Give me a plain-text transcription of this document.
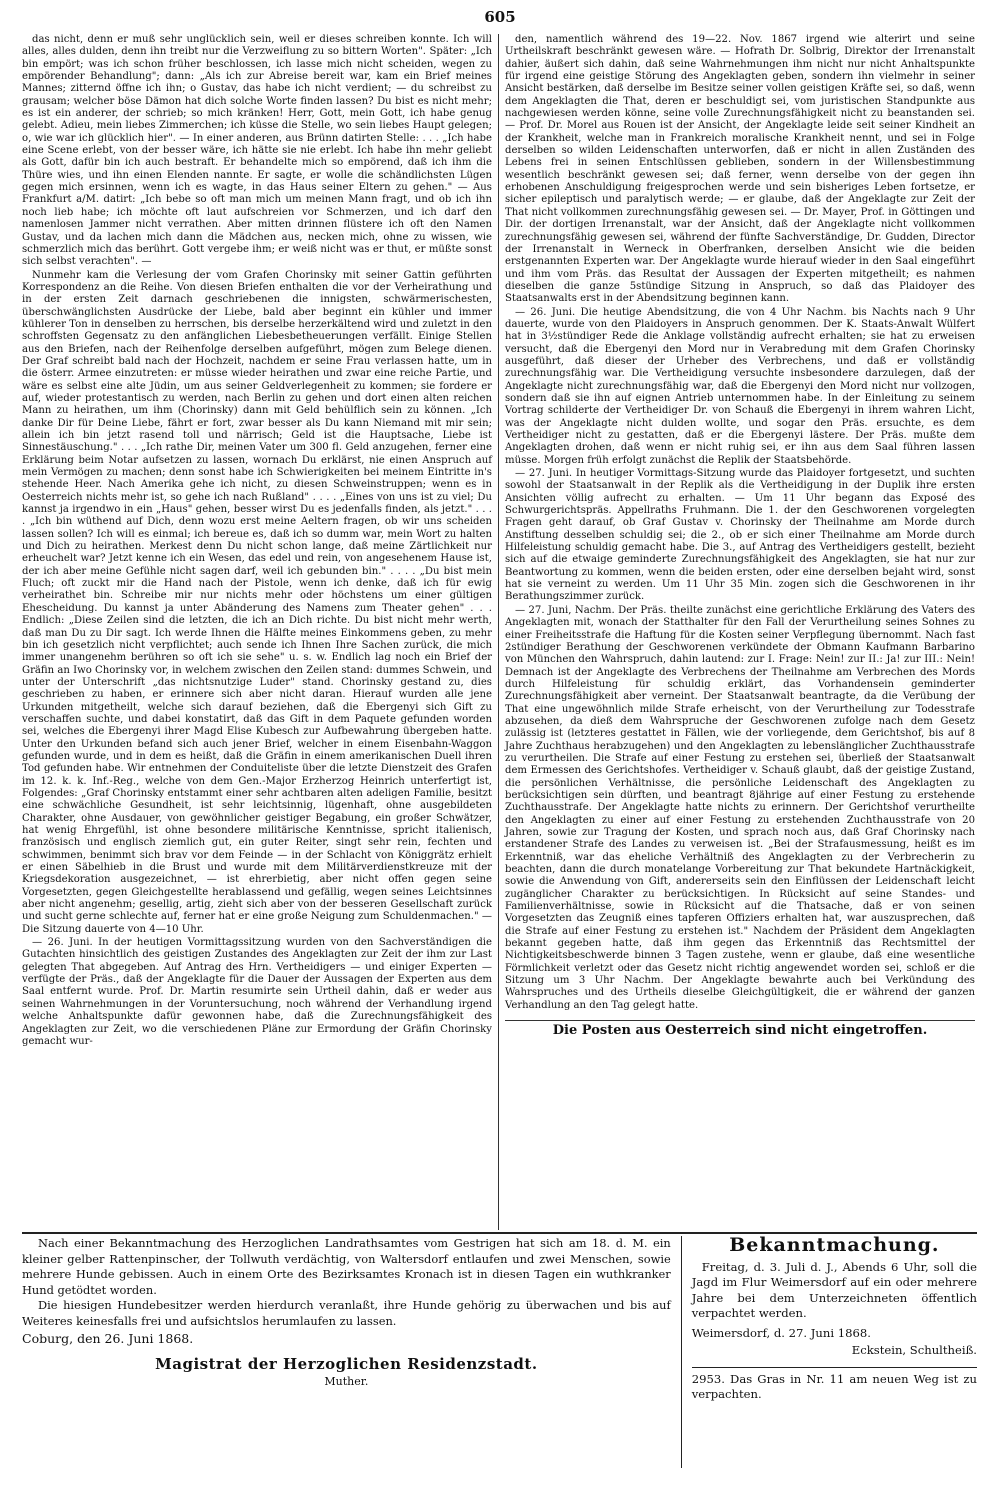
605

das nicht, denn er muß sehr unglücklich sein, weil er dieses schreiben konnte. Ich will alles, alles dulden, denn ihn treibt nur die Verzweiflung zu so bittern Worten". Später: „Ich bin empört; was ich schon früher beschlossen, ich lasse mich nicht scheiden, wegen zu empörender Behandlung"; dann: „Als ich zur Abreise bereit war, kam ein Brief meines Mannes; zitternd öffne ich ihn; o Gustav, das habe ich nicht verdient; — du schreibst zu grausam; welcher böse Dämon hat dich solche Worte finden lassen? Du bist es nicht mehr; es ist ein anderer, der schrieb; so mich kränken! Herr, Gott, mein Gott, ich habe genug gelebt. Adieu, mein liebes Zimmerchen; ich küsse die Stelle, wo sein liebes Haupt gelegen; o, wie war ich glücklich hier". — In einer anderen, aus Brünn datirten Stelle: . . . „Ich habe eine Scene erlebt, von der besser wäre, ich hätte sie nie erlebt. Ich habe ihn mehr geliebt als Gott, dafür bin ich auch bestraft. Er behandelte mich so empörend, daß ich ihm die Thüre wies, und ihn einen Elenden nannte. Er sagte, er wolle die schändlichsten Lügen gegen mich ersinnen, wenn ich es wagte, in das Haus seiner Eltern zu gehen." — Aus Frankfurt a/M. datirt: „Ich bebe so oft man mich um meinen Mann fragt, und ob ich ihn noch lieb habe; ich möchte oft laut aufschreien vor Schmerzen, und ich darf den namenlosen Jammer nicht verrathen. Aber mitten drinnen flüstere ich oft den Namen Gustav, und da lachen mich dann die Mädchen aus, necken mich, ohne zu wissen, wie schmerzlich mich das berührt. Gott vergebe ihm; er weiß nicht was er thut, er müßte sonst sich selbst verachten". —

Nunmehr kam die Verlesung der vom Grafen Chorinsky mit seiner Gattin geführten Korrespondenz an die Reihe. Von diesen Briefen enthalten die vor der Verheirathung und in der ersten Zeit darnach geschriebenen die innigsten, schwärmerischesten, überschwänglichsten Ausdrücke der Liebe, bald aber beginnt ein kühler und immer kühlerer Ton in denselben zu herrschen, bis derselbe herzerkältend wird und zuletzt in den schroffsten Gegensatz zu den anfänglichen Liebesbetheuerungen verfällt. Einige Stellen aus den Briefen, nach der Reihenfolge derselben aufgeführt, mögen zum Belege dienen. Der Graf schreibt bald nach der Hochzeit, nachdem er seine Frau verlassen hatte, um in die österr. Armee einzutreten: er müsse wieder heirathen und zwar eine reiche Partie, und wäre es selbst eine alte Jüdin, um aus seiner Geldverlegenheit zu kommen; sie fordere er auf, wieder protestantisch zu werden, nach Berlin zu gehen und dort einen alten reichen Mann zu heirathen, um ihm (Chorinsky) dann mit Geld behülflich sein zu können. „Ich danke Dir für Deine Liebe, fährt er fort, zwar besser als Du kann Niemand mit mir sein; allein ich bin jetzt rasend toll und närrisch; Geld ist die Hauptsache, Liebe ist Sinnestäuschung." . . . „Ich rathe Dir, meinen Vater um 300 fl. Geld anzugehen, ferner eine Erklärung beim Notar aufsetzen zu lassen, wornach Du erklärst, nie einen Anspruch auf mein Vermögen zu machen; denn sonst habe ich Schwierigkeiten bei meinem Eintritte in's stehende Heer. Nach Amerika gehe ich nicht, zu diesen Schweinstruppen; wenn es in Oesterreich nichts mehr ist, so gehe ich nach Rußland" . . . . „Eines von uns ist zu viel; Du kannst ja irgendwo in ein „Haus" gehen, besser wirst Du es jedenfalls finden, als jetzt." . . . . „Ich bin wüthend auf Dich, denn wozu erst meine Aeltern fragen, ob wir uns scheiden lassen sollen? Ich will es einmal; ich bereue es, daß ich so dumm war, mein Wort zu halten und Dich zu heirathen. Merkest denn Du nicht schon lange, daß meine Zärtlichkeit nur erheuchelt war? Jetzt kenne ich ein Wesen, das edel und rein, von angesehenem Hause ist, der ich aber meine Gefühle nicht sagen darf, weil ich gebunden bin." . . . . „Du bist mein Fluch; oft zuckt mir die Hand nach der Pistole, wenn ich denke, daß ich für ewig verheirathet bin. Schreibe mir nur nichts mehr oder höchstens um einer gültigen Ehescheidung. Du kannst ja unter Abänderung des Namens zum Theater gehen" . . . Endlich: „Diese Zeilen sind die letzten, die ich an Dich richte. Du bist nicht mehr werth, daß man Du zu Dir sagt. Ich werde Ihnen die Hälfte meines Einkommens geben, zu mehr bin ich gesetzlich nicht verpflichtet; auch sende ich Ihnen Ihre Sachen zurück, die mich immer unangenehm berühren so oft ich sie sehe" u. s. w. Endlich lag noch ein Brief der Gräfin an Iwo Chorinsky vor, in welchem zwischen den Zeilen stand: dummes Schwein, und unter der Unterschrift „das nichtsnutzige Luder" stand. Chorinsky gestand zu, dies geschrieben zu haben, er erinnere sich aber nicht daran. Hierauf wurden alle jene Urkunden mitgetheilt, welche sich darauf beziehen, daß die Ebergenyi sich Gift zu verschaffen suchte, und dabei konstatirt, daß das Gift in dem Paquete gefunden worden sei, welches die Ebergenyi ihrer Magd Elise Kubesch zur Aufbewahrung übergeben hatte. Unter den Urkunden befand sich auch jener Brief, welcher in einem Eisenbahn-Waggon gefunden wurde, und in dem es heißt, daß die Gräfin in einem amerikanischen Duell ihren Tod gefunden habe. Wir entnehmen der Conduiteliste über die letzte Dienstzeit des Grafen im 12. k. k. Inf.-Reg., welche von dem Gen.-Major Erzherzog Heinrich unterfertigt ist, Folgendes: „Graf Chorinsky entstammt einer sehr achtbaren alten adeligen Familie, besitzt eine schwächliche Gesundheit, ist sehr leichtsinnig, lügenhaft, ohne ausgebildeten Charakter, ohne Ausdauer, von gewöhnlicher geistiger Begabung, ein großer Schwätzer, hat wenig Ehrgefühl, ist ohne besondere militärische Kenntnisse, spricht italienisch, französisch und englisch ziemlich gut, ein guter Reiter, singt sehr rein, fechten und schwimmen, benimmt sich brav vor dem Feinde — in der Schlacht von Königgrätz erhielt er einen Säbelhieb in die Brust und wurde mit dem Militärverdienstkreuze mit der Kriegsdekoration ausgezeichnet, — ist ehrerbietig, aber nicht offen gegen seine Vorgesetzten, gegen Gleichgestellte herablassend und gefällig, wegen seines Leichtsinnes aber nicht angenehm; gesellig, artig, zieht sich aber von der besseren Gesellschaft zurück und sucht gerne schlechte auf, ferner hat er eine große Neigung zum Schuldenmachen." — Die Sitzung dauerte von 4—10 Uhr.

— 26. Juni. In der heutigen Vormittagssitzung wurden von den Sachverständigen die Gutachten hinsichtlich des geistigen Zustandes des Angeklagten zur Zeit der ihm zur Last gelegten That abgegeben. Auf Antrag des Hrn. Vertheidigers — und einiger Experten — verfügte der Präs., daß der Angeklagte für die Dauer der Aussagen der Experten aus dem Saal entfernt wurde. Prof. Dr. Martin resumirte sein Urtheil dahin, daß er weder aus seinen Wahrnehmungen in der Voruntersuchung, noch während der Verhandlung irgend welche Anhaltspunkte dafür gewonnen habe, daß die Zurechnungsfähigkeit des Angeklagten zur Zeit, wo die verschiedenen Pläne zur Ermordung der Gräfin Chorinsky gemacht wur-

den, namentlich während des 19—22. Nov. 1867 irgend wie alterirt und seine Urtheilskraft beschränkt gewesen wäre. — Hofrath Dr. Solbrig, Direktor der Irrenanstalt dahier, äußert sich dahin, daß seine Wahrnehmungen ihm nicht nur nicht Anhaltspunkte für irgend eine geistige Störung des Angeklagten geben, sondern ihn vielmehr in seiner Ansicht bestärken, daß derselbe im Besitze seiner vollen geistigen Kräfte sei, so daß, wenn dem Angeklagten die That, deren er beschuldigt sei, vom juristischen Standpunkte aus nachgewiesen werden könne, seine volle Zurechnungsfähigkeit nicht zu beanstanden sei. — Prof. Dr. Morel aus Rouen ist der Ansicht, der Angeklagte leide seit seiner Kindheit an der Krankheit, welche man in Frankreich moralische Krankheit nennt, und sei in Folge derselben so wilden Leidenschaften unterworfen, daß er nicht in allen Zuständen des Lebens frei in seinen Entschlüssen geblieben, sondern in der Willensbestimmung wesentlich beschränkt gewesen sei; daß ferner, wenn derselbe von der gegen ihn erhobenen Anschuldigung freigesprochen werde und sein bisheriges Leben fortsetze, er sicher epileptisch und paralytisch werde; — er glaube, daß der Angeklagte zur Zeit der That nicht vollkommen zurechnungsfähig gewesen sei. — Dr. Mayer, Prof. in Göttingen und Dir. der dortigen Irrenanstalt, war der Ansicht, daß der Angeklagte nicht vollkommen zurechnungsfähig gewesen sei, während der fünfte Sachverständige, Dr. Gudden, Director der Irrenanstalt in Werneck in Oberfranken, derselben Ansicht wie die beiden erstgenannten Experten war. Der Angeklagte wurde hierauf wieder in den Saal eingeführt und ihm vom Präs. das Resultat der Aussagen der Experten mitgetheilt; es nahmen dieselben die ganze 5stündige Sitzung in Anspruch, so daß das Plaidoyer des Staatsanwalts erst in der Abendsitzung beginnen kann.

— 26. Juni. Die heutige Abendsitzung, die von 4 Uhr Nachm. bis Nachts nach 9 Uhr dauerte, wurde von den Plaidoyers in Anspruch genommen. Der K. Staats-Anwalt Wülfert hat in 3½stündiger Rede die Anklage vollständig aufrecht erhalten; sie hat zu erweisen versucht, daß die Ebergenyi den Mord nur in Verabredung mit dem Grafen Chorinsky ausgeführt, daß dieser der Urheber des Verbrechens, und daß er vollständig zurechnungsfähig war. Die Vertheidigung versuchte insbesondere darzulegen, daß der Angeklagte nicht zurechnungsfähig war, daß die Ebergenyi den Mord nicht nur vollzogen, sondern daß sie ihn auf eignen Antrieb unternommen habe. In der Einleitung zu seinem Vortrag schilderte der Vertheidiger Dr. von Schauß die Ebergenyi in ihrem wahren Licht, was der Angeklagte nicht dulden wollte, und sogar den Präs. ersuchte, es dem Vertheidiger nicht zu gestatten, daß er die Ebergenyi lästere. Der Präs. mußte dem Angeklagten drohen, daß wenn er nicht ruhig sei, er ihn aus dem Saal führen lassen müsse. Morgen früh erfolgt zunächst die Replik der Staatsbehörde.

— 27. Juni. In heutiger Vormittags-Sitzung wurde das Plaidoyer fortgesetzt, und suchten sowohl der Staatsanwalt in der Replik als die Vertheidigung in der Duplik ihre ersten Ansichten völlig aufrecht zu erhalten. — Um 11 Uhr begann das Exposé des Schwurgerichtspräs. Appellraths Fruhmann. Die 1. der den Geschworenen vorgelegten Fragen geht darauf, ob Graf Gustav v. Chorinsky der Theilnahme am Morde durch Anstiftung desselben schuldig sei; die 2., ob er sich einer Theilnahme am Morde durch Hilfeleistung schuldig gemacht habe. Die 3., auf Antrag des Vertheidigers gestellt, bezieht sich auf die etwaige geminderte Zurechnungsfähigkeit des Angeklagten, sie hat nur zur Beantwortung zu kommen, wenn die beiden ersten, oder eine derselben bejaht wird, sonst hat sie verneint zu werden. Um 11 Uhr 35 Min. zogen sich die Geschworenen in ihr Berathungszimmer zurück.

— 27. Juni, Nachm. Der Präs. theilte zunächst eine gerichtliche Erklärung des Vaters des Angeklagten mit, wonach der Statthalter für den Fall der Verurtheilung seines Sohnes zu einer Freiheitsstrafe die Haftung für die Kosten seiner Verpflegung übernommt. Nach fast 2stündiger Berathung der Geschworenen verkündete der Obmann Kaufmann Barbarino von München den Wahrspruch, dahin lautend: zur I. Frage: Nein! zur II.: Ja! zur III.: Nein! Demnach ist der Angeklagte des Verbrechens der Theilnahme am Verbrechen des Mords durch Hilfeleistung für schuldig erklärt, das Vorhandensein geminderter Zurechnungsfähigkeit aber verneint. Der Staatsanwalt beantragte, da die Verübung der That eine ungewöhnlich milde Strafe erheischt, von der Verurtheilung zur Todesstrafe abzusehen, da dieß dem Wahrspruche der Geschworenen zufolge nach dem Gesetz zulässig ist (letzteres gestattet in Fällen, wie der vorliegende, dem Gerichtshof, bis auf 8 Jahre Zuchthaus herabzugehen) und den Angeklagten zu lebenslänglicher Zuchthausstrafe zu verurtheilen. Die Strafe auf einer Festung zu erstehen sei, überließ der Staatsanwalt dem Ermessen des Gerichtshofes. Vertheidiger v. Schauß glaubt, daß der geistige Zustand, die persönlichen Verhältnisse, die persönliche Leidenschaft des Angeklagten zu berücksichtigen sein dürften, und beantragt 8jährige auf einer Festung zu erstehende Zuchthausstrafe. Der Angeklagte hatte nichts zu erinnern. Der Gerichtshof verurtheilte den Angeklagten zu einer auf einer Festung zu erstehenden Zuchthausstrafe von 20 Jahren, sowie zur Tragung der Kosten, und sprach noch aus, daß Graf Chorinsky nach erstandener Strafe des Landes zu verweisen ist. „Bei der Strafausmessung, heißt es im Erkenntniß, war das eheliche Verhältniß des Angeklagten zu der Verbrecherin zu beachten, dann die durch monatelange Vorbereitung zur That bekundete Hartnäckigkeit, sowie die Anwendung von Gift, andererseits sein den Einflüssen der Leidenschaft leicht zugänglicher Charakter zu berücksichtigen. In Rücksicht auf seine Standes- und Familienverhältnisse, sowie in Rücksicht auf die Thatsache, daß er von seinen Vorgesetzten das Zeugniß eines tapferen Offiziers erhalten hat, war auszusprechen, daß die Strafe auf einer Festung zu erstehen ist." Nachdem der Präsident dem Angeklagten bekannt gegeben hatte, daß ihm gegen das Erkenntniß das Rechtsmittel der Nichtigkeitsbeschwerde binnen 3 Tagen zustehe, wenn er glaube, daß eine wesentliche Förmlichkeit verletzt oder das Gesetz nicht richtig angewendet worden sei, schloß er die Sitzung um 3 Uhr Nachm. Der Angeklagte bewahrte auch bei Verkündung des Wahrspruches und des Urtheils dieselbe Gleichgültigkeit, die er während der ganzen Verhandlung an den Tag gelegt hatte.

Die Posten aus Oesterreich sind nicht eingetroffen.

Nach einer Bekanntmachung des Herzoglichen Landrathsamtes vom Gestrigen hat sich am 18. d. M. ein kleiner gelber Rattenpinscher, der Tollwuth verdächtig, von Waltersdorf entlaufen und zwei Menschen, sowie mehrere Hunde gebissen. Auch in einem Orte des Bezirksamtes Kronach ist in diesen Tagen ein wuthkranker Hund getödtet worden.

Die hiesigen Hundebesitzer werden hierdurch veranlaßt, ihre Hunde gehörig zu überwachen und bis auf Weiteres keinesfalls frei und aufsichtslos herumlaufen zu lassen.

Coburg, den 26. Juni 1868.
Magistrat der Herzoglichen Residenzstadt.
Muther.
Bekanntmachung.

Freitag, d. 3. Juli d. J., Abends 6 Uhr, soll die Jagd im Flur Weimersdorf auf ein oder mehrere Jahre bei dem Unterzeichneten öffentlich verpachtet werden.

Weimersdorf, d. 27. Juni 1868.
Eckstein, Schultheiß.

2953. Das Gras in Nr. 11 am neuen Weg ist zu verpachten.
